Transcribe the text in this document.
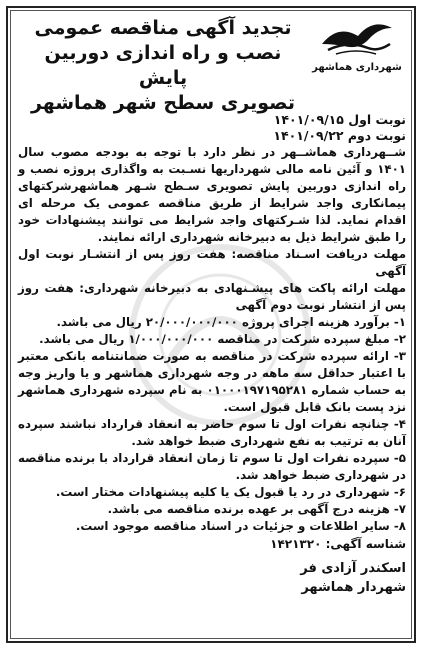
شهرداری هماشهر
تجدید آگهی مناقصه عمومی
نصب و راه اندازی دوربین پایش
تصویری سطح شهر هماشهر
نوبت اول ۱۴۰۱/۰۹/۱۵
نوبت دوم ۱۴۰۱/۰۹/۲۲

شــهرداری هماشــهر در نظر دارد با توجه به بودجه مصوب سال ۱۴۰۱ و آئین نامه مالی شهرداریها نسـبت به واگذاری پروژه نصب و راه اندازی دوربین پایش تصویری سـطح شـهر هماشهرشرکتهای پیمانکاری واجد شرایط از طریق مناقصه عمومی یک مرحله ای اقدام نماید. لذا شـرکتهای واجد شرایط می توانند پیشنهادات خود را طبق شرایط ذیل به دبیرخانه شهرداری ارائه نمایند.

مهلت دریافت اسـناد مناقصه: هفت روز پس از انتشـار نوبت اول آگهی

مهلت ارائه پاکت های پیشـنهادی به دبیرخانه شهرداری: هفت روز پس از انتشار نوبت دوم آگهی

۱- برآورد هزینه اجرای پروژه ۲۰/۰۰۰/۰۰۰/۰۰۰ ریال می باشد.

۲- مبلغ سپرده شرکت در مناقصه ۱/۰۰۰/۰۰۰/۰۰۰ ریال می باشد.

۳- ارائه سپرده شرکت در مناقصه به صورت ضمانتنامه بانکی معتبر با اعتبار حداقل سه ماهه در وجه شهرداری هماشهر و یا واریز وجه به حساب شماره ۰۱۰۰۰۱۹۷۱۹۵۲۸۱ به نام سپرده شهرداری هماشهر نزد پست بانک قابل قبول است.

۴- چنانچه نفرات اول تا سوم حاضر به انعقاد قرارداد نباشند سپرده آنان به ترتیب به نفع شهرداری ضبط خواهد شد.

۵- سپرده نفرات اول تا سوم تا زمان انعقاد قرارداد با برنده مناقصه در شهرداری ضبط خواهد شد.

۶- شهرداری در رد یا قبول یک یا کلیه پیشنهادات مختار است.

۷- هزینه درج آگهی بر عهده برنده مناقصه می باشد.

۸- سایر اطلاعات و جزئیات در اسناد مناقصه موجود است.

شناسه آگهی: ۱۴۲۱۳۲۰
اسکندر آزادی فر
شهردار هماشهر
